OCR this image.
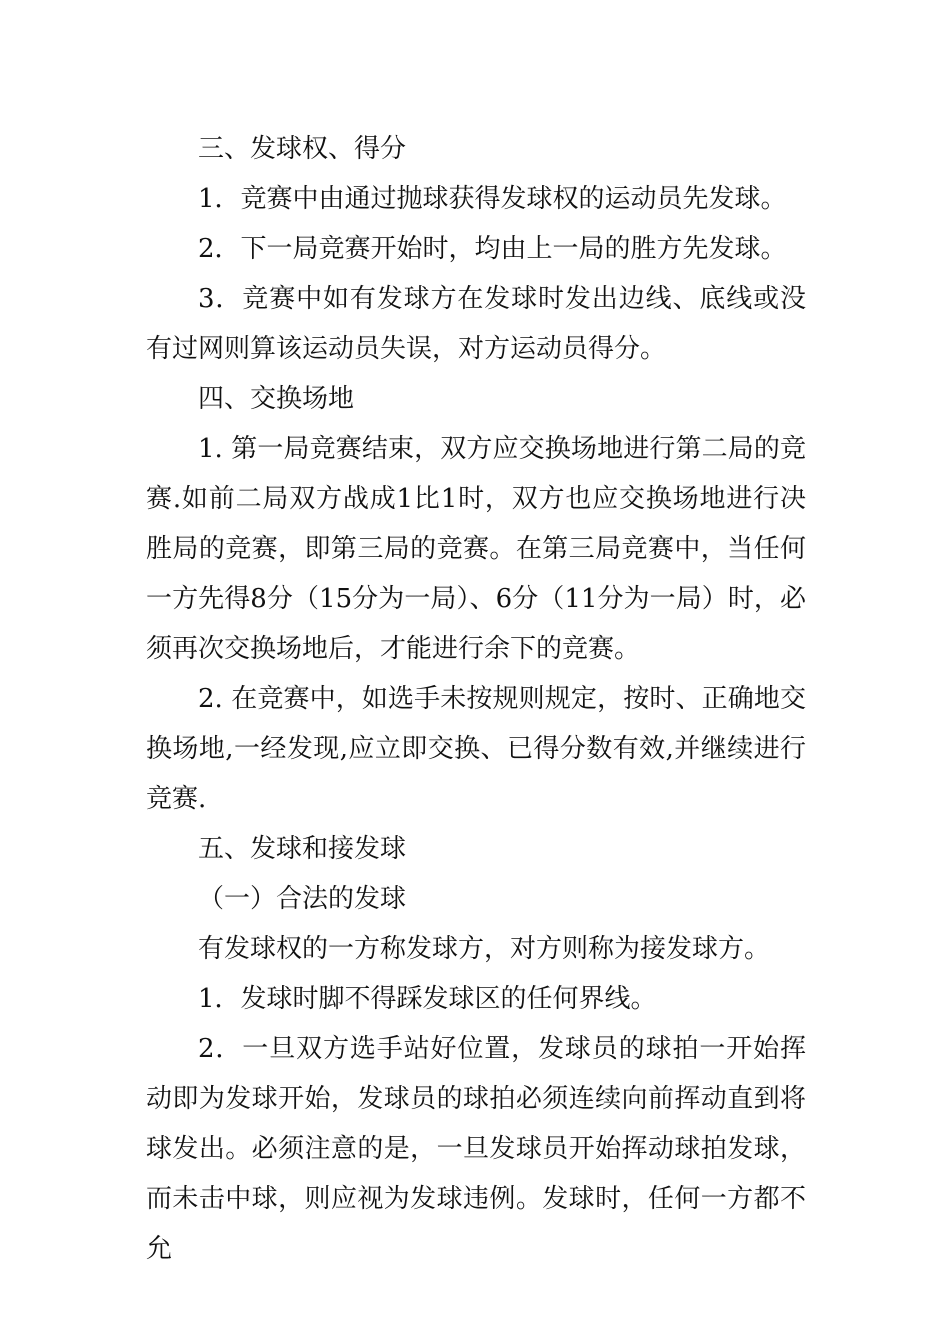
三、发球权、得分

1．竞赛中由通过抛球获得发球权的运动员先发球。

2．下一局竞赛开始时，均由上一局的胜方先发球。

3．竞赛中如有发球方在发球时发出边线、底线或没有过网则算该运动员失误，对方运动员得分。

四、交换场地

1. 第一局竞赛结束，双方应交换场地进行第二局的竞赛.如前二局双方战成1比1时，双方也应交换场地进行决胜局的竞赛，即第三局的竞赛。在第三局竞赛中，当任何一方先得8分（15分为一局）、6分（11分为一局）时，必须再次交换场地后，才能进行余下的竞赛。

2. 在竞赛中，如选手未按规则规定，按时、正确地交换场地,一经发现,应立即交换、已得分数有效,并继续进行竞赛.

五、发球和接发球

（一）合法的发球

有发球权的一方称发球方，对方则称为接发球方。

1．发球时脚不得踩发球区的任何界线。

2．一旦双方选手站好位置，发球员的球拍一开始挥动即为发球开始，发球员的球拍必须连续向前挥动直到将球发出。必须注意的是，一旦发球员开始挥动球拍发球，而未击中球，则应视为发球违例。发球时，任何一方都不允
